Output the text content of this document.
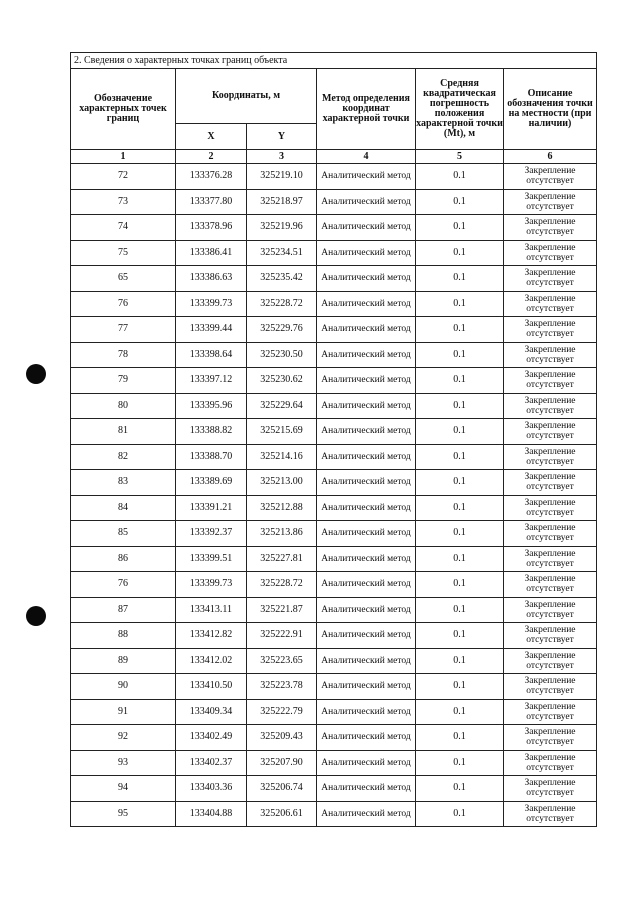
2. Сведения о характерных точках границ объекта					
Обозначение характерных точек границ	Координаты, м		Метод определения координат характерной точки	Средняя квадратическая погрешность положения характерной точки (Mt), м	Описание обозначения точки на местности (при наличии)
	X	Y			
1	2	3	4	5	6
72	133376.28	325219.10	Аналитический метод	0.1	Закрепление отсутствует
73	133377.80	325218.97	Аналитический метод	0.1	Закрепление отсутствует
74	133378.96	325219.96	Аналитический метод	0.1	Закрепление отсутствует
75	133386.41	325234.51	Аналитический метод	0.1	Закрепление отсутствует
65	133386.63	325235.42	Аналитический метод	0.1	Закрепление отсутствует
76	133399.73	325228.72	Аналитический метод	0.1	Закрепление отсутствует
77	133399.44	325229.76	Аналитический метод	0.1	Закрепление отсутствует
78	133398.64	325230.50	Аналитический метод	0.1	Закрепление отсутствует
79	133397.12	325230.62	Аналитический метод	0.1	Закрепление отсутствует
80	133395.96	325229.64	Аналитический метод	0.1	Закрепление отсутствует
81	133388.82	325215.69	Аналитический метод	0.1	Закрепление отсутствует
82	133388.70	325214.16	Аналитический метод	0.1	Закрепление отсутствует
83	133389.69	325213.00	Аналитический метод	0.1	Закрепление отсутствует
84	133391.21	325212.88	Аналитический метод	0.1	Закрепление отсутствует
85	133392.37	325213.86	Аналитический метод	0.1	Закрепление отсутствует
86	133399.51	325227.81	Аналитический метод	0.1	Закрепление отсутствует
76	133399.73	325228.72	Аналитический метод	0.1	Закрепление отсутствует
87	133413.11	325221.87	Аналитический метод	0.1	Закрепление отсутствует
88	133412.82	325222.91	Аналитический метод	0.1	Закрепление отсутствует
89	133412.02	325223.65	Аналитический метод	0.1	Закрепление отсутствует
90	133410.50	325223.78	Аналитический метод	0.1	Закрепление отсутствует
91	133409.34	325222.79	Аналитический метод	0.1	Закрепление отсутствует
92	133402.49	325209.43	Аналитический метод	0.1	Закрепление отсутствует
93	133402.37	325207.90	Аналитический метод	0.1	Закрепление отсутствует
94	133403.36	325206.74	Аналитический метод	0.1	Закрепление отсутствует
95	133404.88	325206.61	Аналитический метод	0.1	Закрепление отсутствует
